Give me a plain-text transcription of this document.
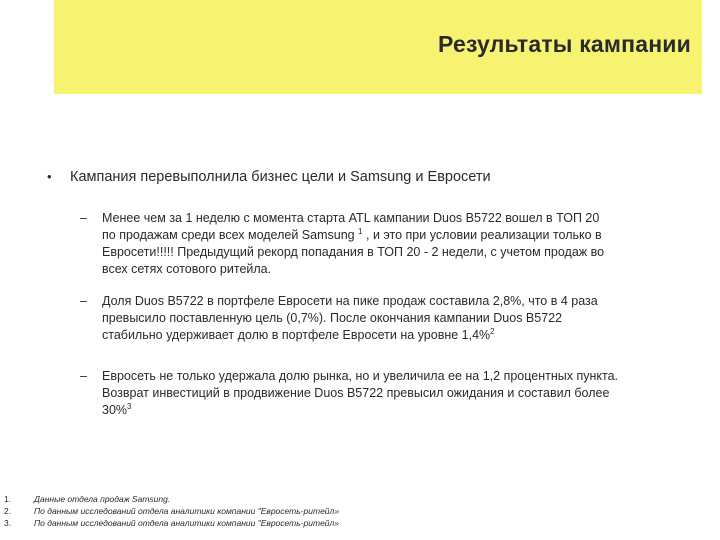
Результаты кампании
• Кампания перевыполнила бизнес цели и Samsung и Евросети
– Менее чем за 1 неделю с момента старта ATL кампании Duos B5722 вошел в ТОП 20

по продажам среди всех моделей Samsung $^1$ , и это при условии реализации только в

Евросети!!!!! Предыдущий рекорд попадания в ТОП 20 - 2 недели, с учетом продаж во

всех сетях сотового ритейла.

– Доля Duos B5722 в портфеле Евросети на пике продаж составила 2,8%, что в 4 раза

превысило поставленную цель (0,7%). После окончания кампании Duos B5722

стабильно удерживает долю в портфеле Евросети на уровне 1,4%$^2$

– Евросеть не только удержала долю рынка, но и увеличила ее на 1,2 процентных пункта.

Возврат инвестиций в продвижение Duos B5722 превысил ожидания и составил более

30%$^3$

1.	Данные отдела продаж Samsung.
2.	По данным исследований отдела аналитики компании "Евросеть-ритейл»
3.	По данным исследований отдела аналитики компании "Евросеть-ритейл»
